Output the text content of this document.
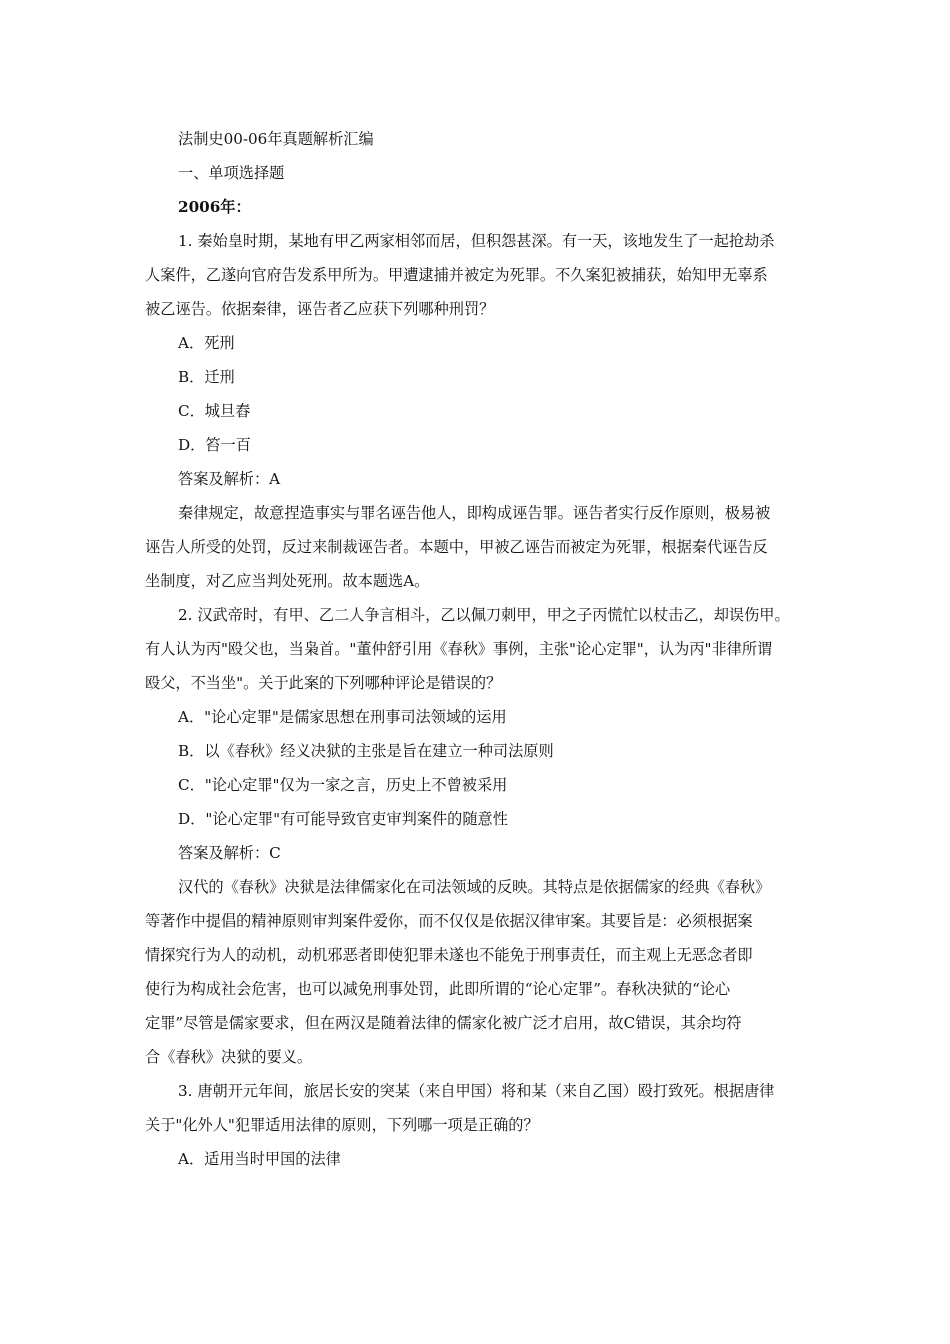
法制史00-06年真题解析汇编
一、单项选择题
2006年：
1. 秦始皇时期，某地有甲乙两家相邻而居，但积怨甚深。有一天，该地发生了一起抢劫杀
人案件，乙遂向官府告发系甲所为。甲遭逮捕并被定为死罪。不久案犯被捕获，始知甲无辜系
被乙诬告。依据秦律，诬告者乙应获下列哪种刑罚？
A．死刑
B．迁刑
C．城旦舂
D．笞一百
答案及解析：A
秦律规定，故意捏造事实与罪名诬告他人，即构成诬告罪。诬告者实行反作原则，极易被
诬告人所受的处罚，反过来制裁诬告者。本题中，甲被乙诬告而被定为死罪，根据秦代诬告反
坐制度，对乙应当判处死刑。故本题选A。
2. 汉武帝时，有甲、乙二人争言相斗，乙以佩刀刺甲，甲之子丙慌忙以杖击乙，却误伤甲。
有人认为丙"殴父也，当枭首。"董仲舒引用《春秋》事例，主张"论心定罪"，认为丙"非律所谓
殴父，不当坐"。关于此案的下列哪种评论是错误的？
A．"论心定罪"是儒家思想在刑事司法领域的运用
B．以《春秋》经义决狱的主张是旨在建立一种司法原则
C．"论心定罪"仅为一家之言，历史上不曾被采用
D．"论心定罪"有可能导致官吏审判案件的随意性
答案及解析：C
汉代的《春秋》决狱是法律儒家化在司法领域的反映。其特点是依据儒家的经典《春秋》
等著作中提倡的精神原则审判案件爱你，而不仅仅是依据汉律审案。其要旨是：必须根据案
情探究行为人的动机，动机邪恶者即使犯罪未遂也不能免于刑事责任，而主观上无恶念者即
使行为构成社会危害，也可以减免刑事处罚，此即所谓的“论心定罪”。春秋决狱的“论心
定罪”尽管是儒家要求，但在两汉是随着法律的儒家化被广泛才启用，故C错误，其余均符
合《春秋》决狱的要义。
3. 唐朝开元年间，旅居长安的突某（来自甲国）将和某（来自乙国）殴打致死。根据唐律
关于"化外人"犯罪适用法律的原则，下列哪一项是正确的？
A．适用当时甲国的法律
